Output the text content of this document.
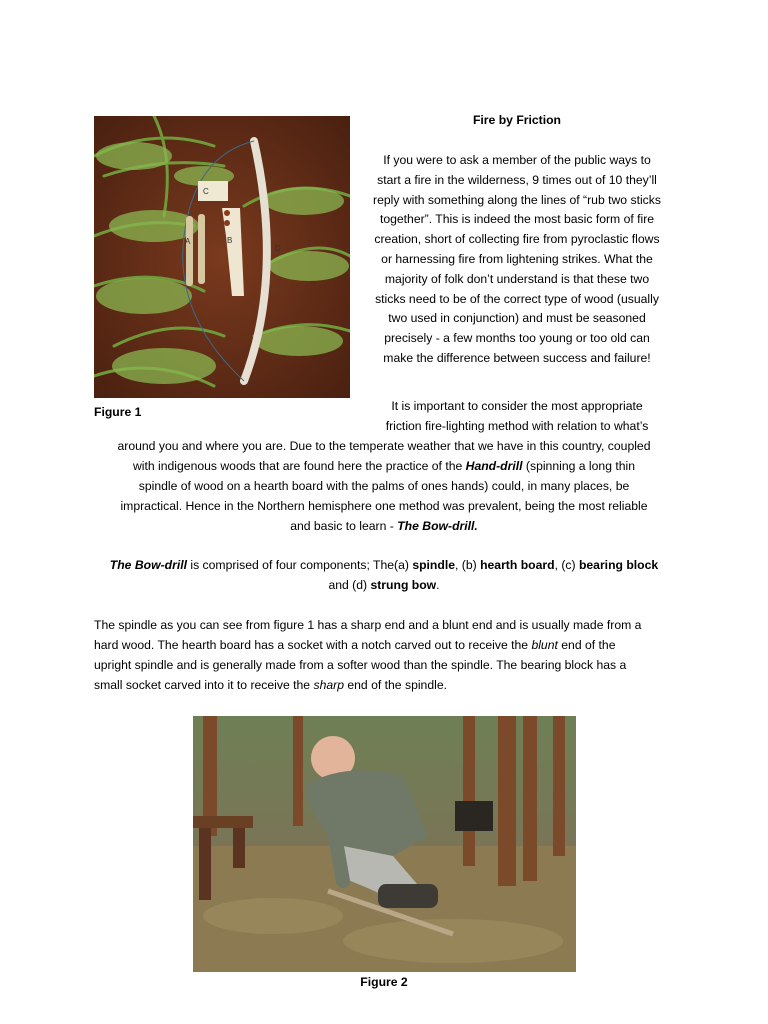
Fire by Friction
A	B
C
D
If you were to ask a member of the public ways to
start a fire in the wilderness, 9 times out of 10 they’ll
reply with something along the lines of “rub two sticks
together”. This is indeed the most basic form of fire
creation, short of collecting fire from pyroclastic flows
or harnessing fire from lightening strikes. What the
majority of folk don’t understand is that these two
sticks need to be of the correct type of wood (usually
two used in conjunction) and must be seasoned
precisely - a few months too young or too old can
make the difference between success and failure!
Figure 1	It is important to consider the most appropriate
friction fire-lighting method with relation to what’s
around you and where you are. Due to the temperate weather that we have in this country, coupled
with indigenous woods that are found here the practice of the Hand-drill (spinning a long thin
spindle of wood on a hearth board with the palms of ones hands) could, in many places, be
impractical. Hence in the Northern hemisphere one method was prevalent, being the most reliable
and basic to learn - The Bow-drill.
The Bow-drill is comprised of four components; The(a) spindle, (b) hearth board, (c) bearing block
and (d) strung bow.
The spindle as you can see from figure 1 has a sharp end and a blunt end and is usually made from a
hard wood. The hearth board has a socket with a notch carved out to receive the blunt end of the
upright spindle and is generally made from a softer wood than the spindle. The bearing block has a
small socket carved into it to receive the sharp end of the spindle.
Figure 2
